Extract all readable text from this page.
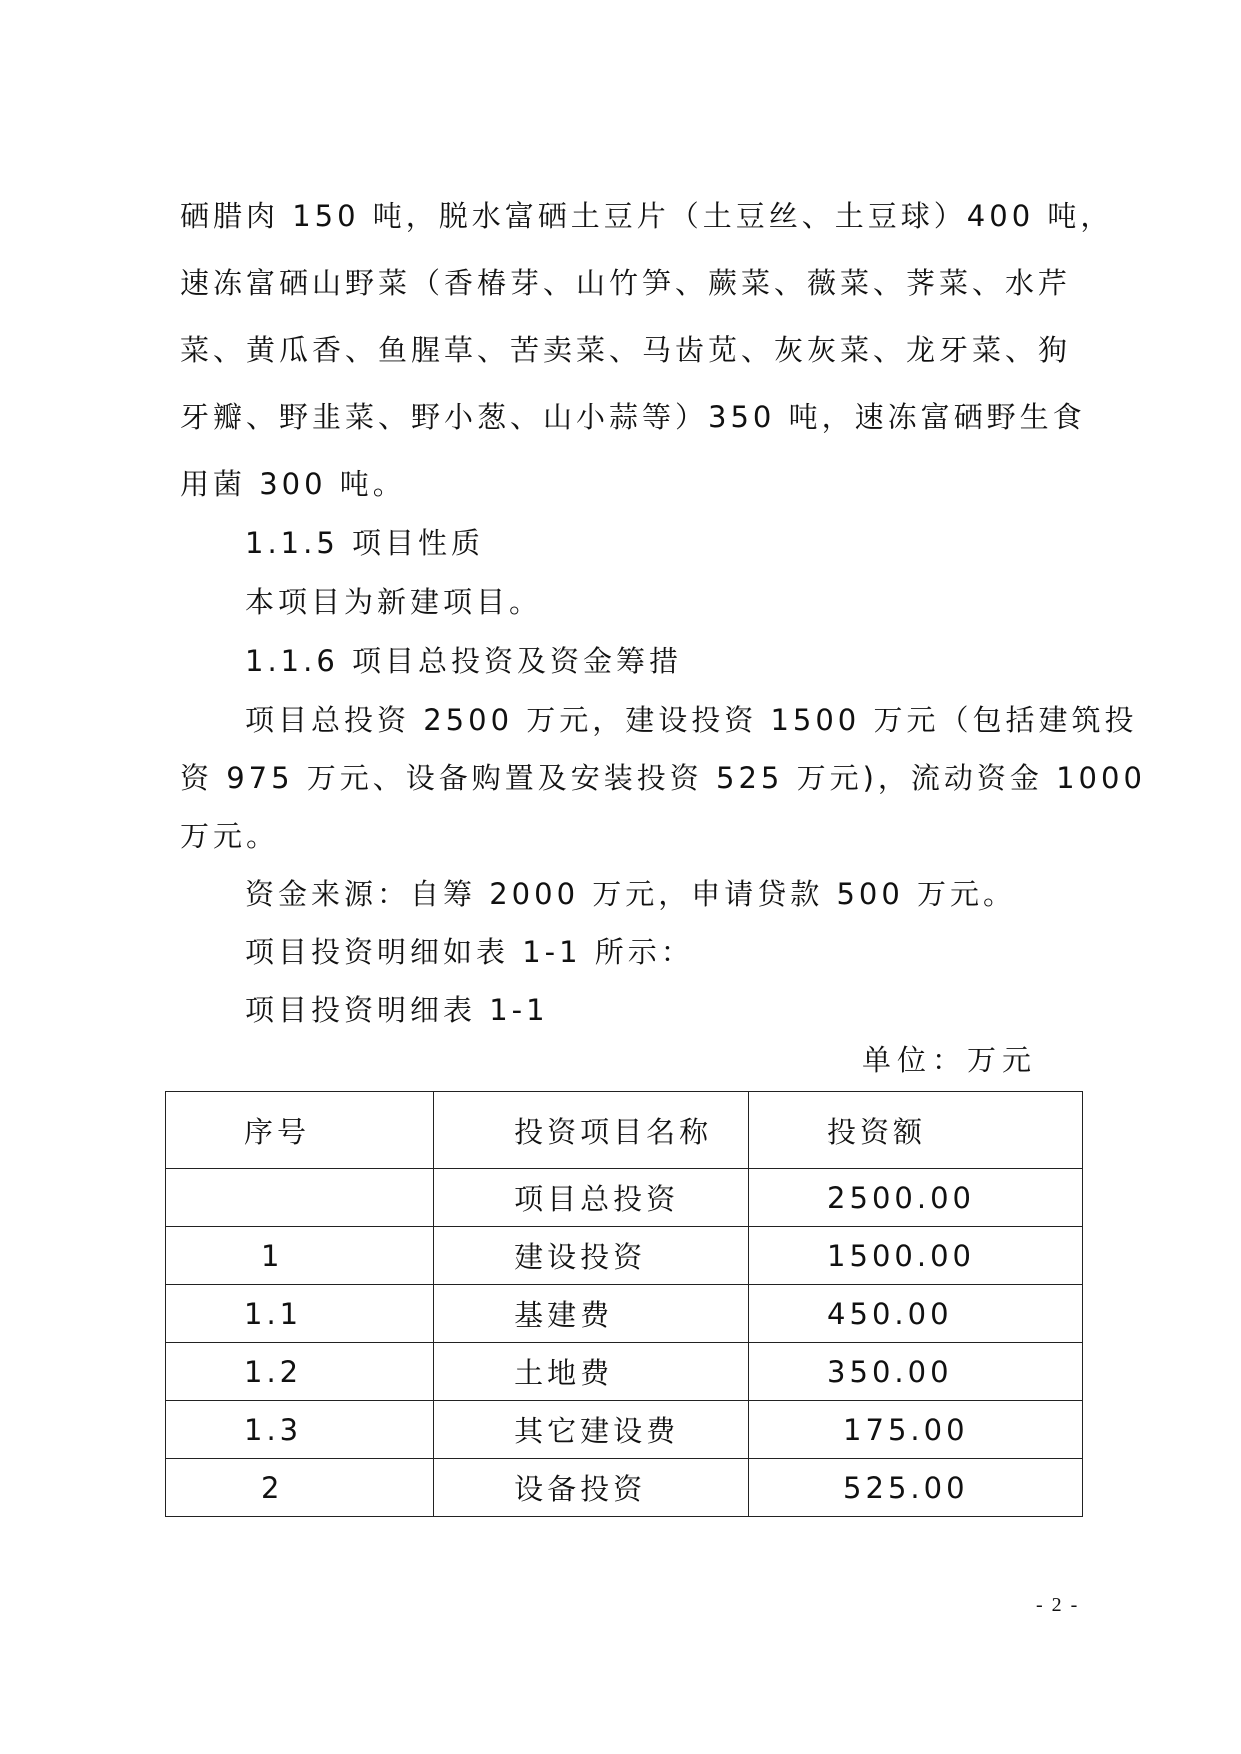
硒腊肉 150 吨，脱水富硒土豆片（土豆丝、土豆球）400 吨，
速冻富硒山野菜（香椿芽、山竹笋、蕨菜、薇菜、荠菜、水芹
菜、黄瓜香、鱼腥草、苦卖菜、马齿苋、灰灰菜、龙牙菜、狗
牙瓣、野韭菜、野小葱、山小蒜等）350 吨，速冻富硒野生食
用菌 300 吨。
1.1.5 项目性质
本项目为新建项目。
1.1.6 项目总投资及资金筹措
项目总投资 2500 万元，建设投资 1500 万元（包括建筑投
资 975 万元、设备购置及安装投资 525 万元)，流动资金 1000
万元。
资金来源：自筹 2000 万元，申请贷款 500 万元。
项目投资明细如表 1-1 所示：
项目投资明细表 1-1
单位：万元
序号	投资项目名称	投资额
	项目总投资	2500.00
1	建设投资	1500.00
1.1	基建费	450.00
1.2	土地费	350.00
1.3	其它建设费	175.00
2	设备投资	525.00
- 2 -
